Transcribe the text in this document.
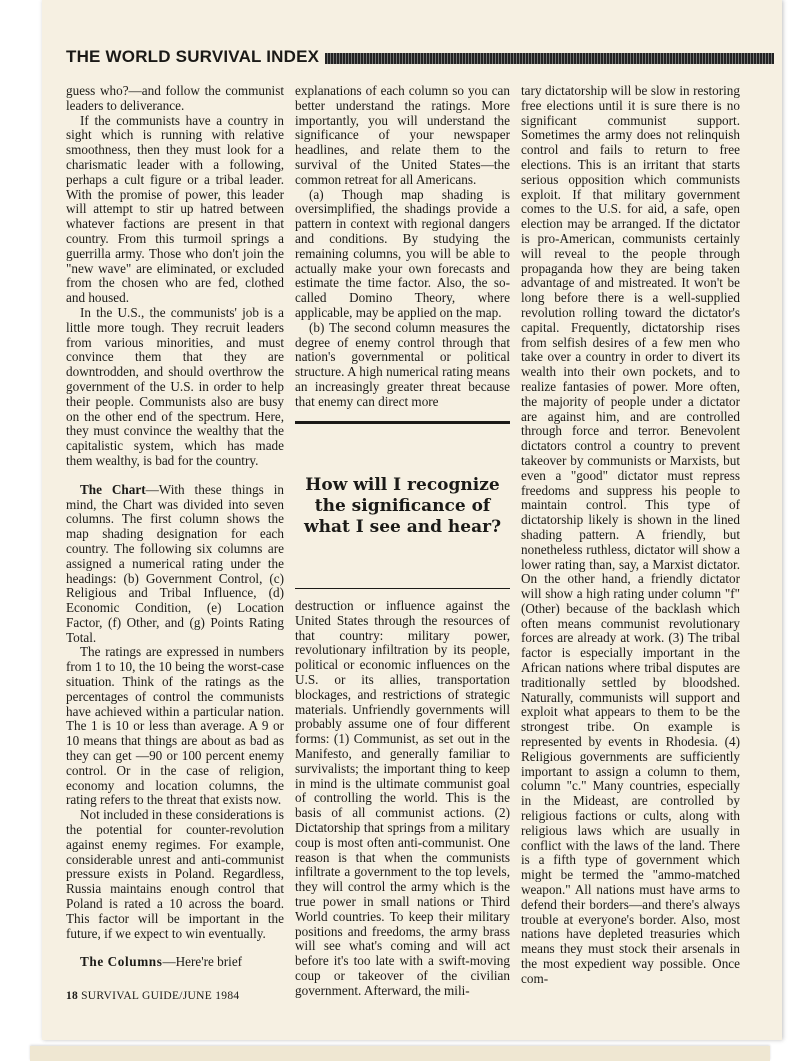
THE WORLD SURVIVAL INDEX

guess who?—and follow the communist leaders to deliverance.

If the communists have a country in sight which is running with relative smoothness, then they must look for a charismatic leader with a following, perhaps a cult figure or a tribal leader. With the promise of power, this leader will attempt to stir up hatred between whatever factions are present in that country. From this turmoil springs a guerrilla army. Those who don't join the "new wave" are eliminated, or excluded from the chosen who are fed, clothed and housed.

In the U.S., the communists' job is a little more tough. They recruit leaders from various minorities, and must convince them that they are downtrodden, and should overthrow the government of the U.S. in order to help their people. Communists also are busy on the other end of the spectrum. Here, they must convince the wealthy that the capitalistic system, which has made them wealthy, is bad for the country.

The Chart—With these things in mind, the Chart was divided into seven columns. The first column shows the map shading designation for each country. The following six columns are assigned a numerical rating under the headings: (b) Government Control, (c) Religious and Tribal Influence, (d) Economic Condition, (e) Location Factor, (f) Other, and (g) Points Rating Total.

The ratings are expressed in numbers from 1 to 10, the 10 being the worst-case situation. Think of the ratings as the percentages of control the communists have achieved within a particular nation. The 1 is 10 or less than average. A 9 or 10 means that things are about as bad as they can get —90 or 100 percent enemy control. Or in the case of religion, economy and location columns, the rating refers to the threat that exists now.

Not included in these considerations is the potential for counter-revolution against enemy regimes. For example, considerable unrest and anti-communist pressure exists in Poland. Regardless, Russia maintains enough control that Poland is rated a 10 across the board. This factor will be important in the future, if we expect to win eventually.

The Columns—Here're brief

explanations of each column so you can better understand the ratings. More importantly, you will understand the significance of your newspaper headlines, and relate them to the survival of the United States—the common retreat for all Americans.

(a) Though map shading is oversimplified, the shadings provide a pattern in context with regional dangers and conditions. By studying the remaining columns, you will be able to actually make your own forecasts and estimate the time factor. Also, the so-called Domino Theory, where applicable, may be applied on the map.

(b) The second column measures the degree of enemy control through that nation's governmental or political structure. A high numerical rating means an increasingly greater threat because that enemy can direct more

How will I recognize the significance of what I see and hear?

destruction or influence against the United States through the resources of that country: military power, revolutionary infiltration by its people, political or economic influences on the U.S. or its allies, transportation blockages, and restrictions of strategic materials. Unfriendly governments will probably assume one of four different forms: (1) Communist, as set out in the Manifesto, and generally familiar to survivalists; the important thing to keep in mind is the ultimate communist goal of controlling the world. This is the basis of all communist actions. (2) Dictatorship that springs from a military coup is most often anti-communist. One reason is that when the communists infiltrate a government to the top levels, they will control the army which is the true power in small nations or Third World countries. To keep their military positions and freedoms, the army brass will see what's coming and will act before it's too late with a swift-moving coup or takeover of the civilian government. Afterward, the mili-

tary dictatorship will be slow in restoring free elections until it is sure there is no significant communist support. Sometimes the army does not relinquish control and fails to return to free elections. This is an irritant that starts serious opposition which communists exploit. If that military government comes to the U.S. for aid, a safe, open election may be arranged. If the dictator is pro-American, communists certainly will reveal to the people through propaganda how they are being taken advantage of and mistreated. It won't be long before there is a well-supplied revolution rolling toward the dictator's capital. Frequently, dictatorship rises from selfish desires of a few men who take over a country in order to divert its wealth into their own pockets, and to realize fantasies of power. More often, the majority of people under a dictator are against him, and are controlled through force and terror. Benevolent dictators control a country to prevent takeover by communists or Marxists, but even a "good" dictator must repress freedoms and suppress his people to maintain control. This type of dictatorship likely is shown in the lined shading pattern. A friendly, but nonetheless ruthless, dictator will show a lower rating than, say, a Marxist dictator. On the other hand, a friendly dictator will show a high rating under column "f" (Other) because of the backlash which often means communist revolutionary forces are already at work. (3) The tribal factor is especially important in the African nations where tribal disputes are traditionally settled by bloodshed. Naturally, communists will support and exploit what appears to them to be the strongest tribe. On example is represented by events in Rhodesia. (4) Religious governments are sufficiently important to assign a column to them, column "c." Many countries, especially in the Mideast, are controlled by religious factions or cults, along with religious laws which are usually in conflict with the laws of the land. There is a fifth type of government which might be termed the "ammo-matched weapon." All nations must have arms to defend their borders—and there's always trouble at everyone's border. Also, most nations have depleted treasuries which means they must stock their arsenals in the most expedient way possible. Once com-

18 SURVIVAL GUIDE/JUNE 1984
